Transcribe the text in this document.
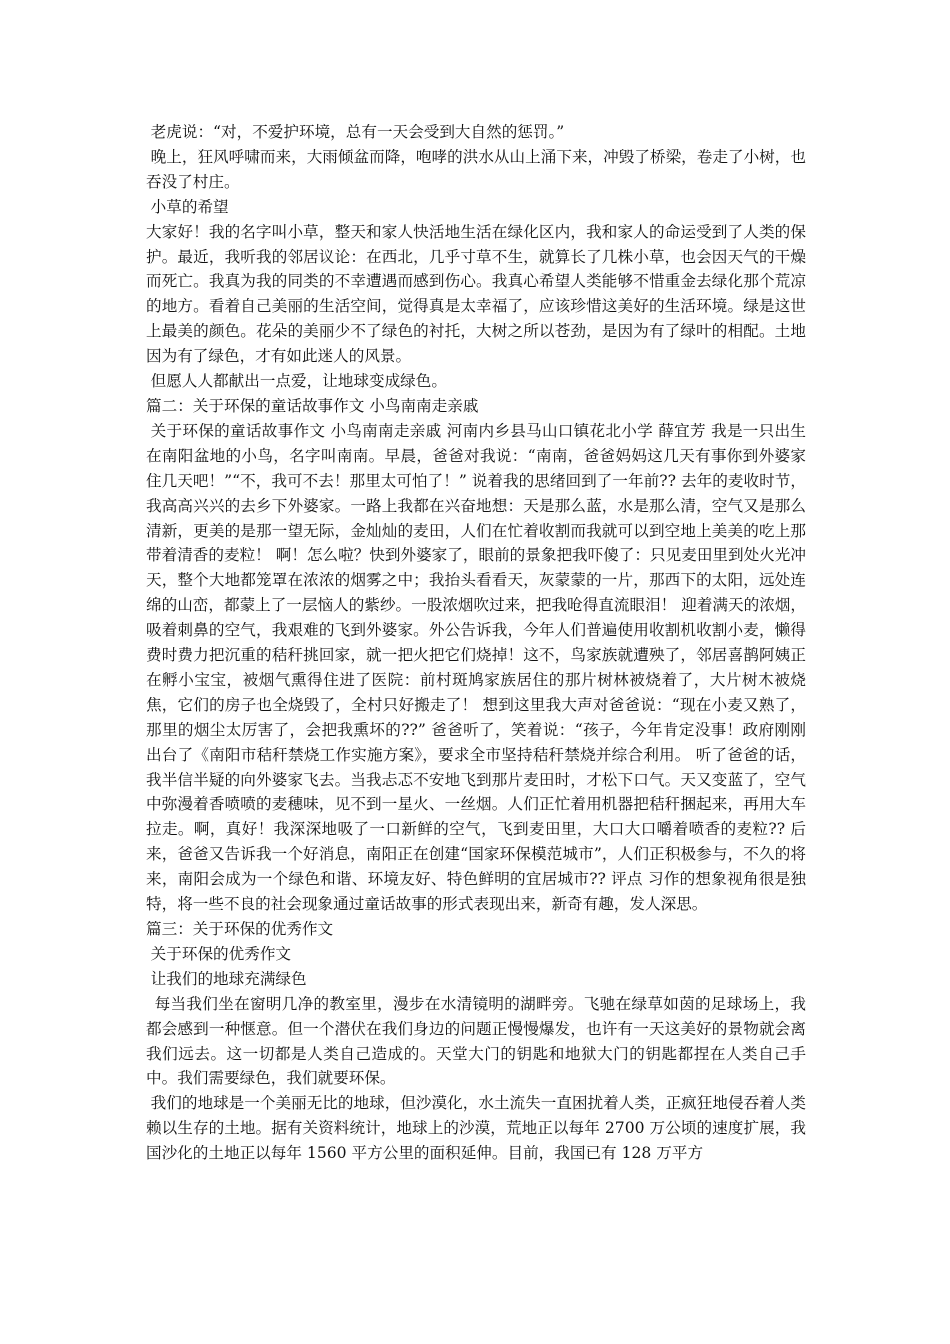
老虎说：“对，不爱护环境，总有一天会受到大自然的惩罚。”

晚上，狂风呼啸而来，大雨倾盆而降，咆哮的洪水从山上涌下来，冲毁了桥梁，卷走了小树，也吞没了村庄。

小草的希望

大家好！我的名字叫小草，整天和家人快活地生活在绿化区内，我和家人的命运受到了人类的保护。最近，我听我的邻居议论：在西北，几乎寸草不生，就算长了几株小草，也会因天气的干燥而死亡。我真为我的同类的不幸遭遇而感到伤心。我真心希望人类能够不惜重金去绿化那个荒凉的地方。看着自己美丽的生活空间，觉得真是太幸福了，应该珍惜这美好的生活环境。绿是这世上最美的颜色。花朵的美丽少不了绿色的衬托，大树之所以苍劲，是因为有了绿叶的相配。土地因为有了绿色，才有如此迷人的风景。

但愿人人都献出一点爱，让地球变成绿色。

篇二：关于环保的童话故事作文 小鸟南南走亲戚

关于环保的童话故事作文 小鸟南南走亲戚 河南内乡县马山口镇花北小学 薛宜芳 我是一只出生在南阳盆地的小鸟，名字叫南南。早晨，爸爸对我说：“南南，爸爸妈妈这几天有事你到外婆家住几天吧！”“不，我可不去！那里太可怕了！” 说着我的思绪回到了一年前?? 去年的麦收时节，我高高兴兴的去乡下外婆家。一路上我都在兴奋地想：天是那么蓝，水是那么清，空气又是那么清新，更美的是那一望无际，金灿灿的麦田，人们在忙着收割而我就可以到空地上美美的吃上那带着清香的麦粒！ 啊！怎么啦？快到外婆家了，眼前的景象把我吓傻了：只见麦田里到处火光冲天，整个大地都笼罩在浓浓的烟雾之中；我抬头看看天，灰蒙蒙的一片，那西下的太阳，远处连绵的山峦，都蒙上了一层恼人的紫纱。一股浓烟吹过来，把我呛得直流眼泪！ 迎着满天的浓烟，吸着刺鼻的空气，我艰难的飞到外婆家。外公告诉我，今年人们普遍使用收割机收割小麦，懒得费时费力把沉重的秸秆挑回家，就一把火把它们烧掉！这不，鸟家族就遭殃了，邻居喜鹊阿姨正在孵小宝宝，被烟气熏得住进了医院：前村斑鸠家族居住的那片树林被烧着了，大片树木被烧焦，它们的房子也全烧毁了，全村只好搬走了！ 想到这里我大声对爸爸说：“现在小麦又熟了，那里的烟尘太厉害了，会把我熏坏的??” 爸爸听了，笑着说：“孩子，今年肯定没事！政府刚刚出台了《南阳市秸秆禁烧工作实施方案》，要求全市坚持秸秆禁烧并综合利用。 听了爸爸的话，我半信半疑的向外婆家飞去。当我忐忑不安地飞到那片麦田时，才松下口气。天又变蓝了，空气中弥漫着香喷喷的麦穗味，见不到一星火、一丝烟。人们正忙着用机器把秸秆捆起来，再用大车拉走。啊，真好！我深深地吸了一口新鲜的空气，飞到麦田里，大口大口嚼着喷香的麦粒?? 后来，爸爸又告诉我一个好消息，南阳正在创建“国家环保模范城市”，人们正积极参与，不久的将来，南阳会成为一个绿色和谐、环境友好、特色鲜明的宜居城市?? 评点 习作的想象视角很是独特，将一些不良的社会现象通过童话故事的形式表现出来，新奇有趣，发人深思。

篇三：关于环保的优秀作文

关于环保的优秀作文

让我们的地球充满绿色

每当我们坐在窗明几净的教室里，漫步在水清镜明的湖畔旁。飞驰在绿草如茵的足球场上，我都会感到一种惬意。但一个潜伏在我们身边的问题正慢慢爆发，也许有一天这美好的景物就会离我们远去。这一切都是人类自己造成的。天堂大门的钥匙和地狱大门的钥匙都捏在人类自己手中。我们需要绿色，我们就要环保。

我们的地球是一个美丽无比的地球，但沙漠化，水土流失一直困扰着人类，正疯狂地侵吞着人类赖以生存的土地。据有关资料统计，地球上的沙漠，荒地正以每年 2700 万公顷的速度扩展，我国沙化的土地正以每年 1560 平方公里的面积延伸。目前，我国已有 128 万平方
